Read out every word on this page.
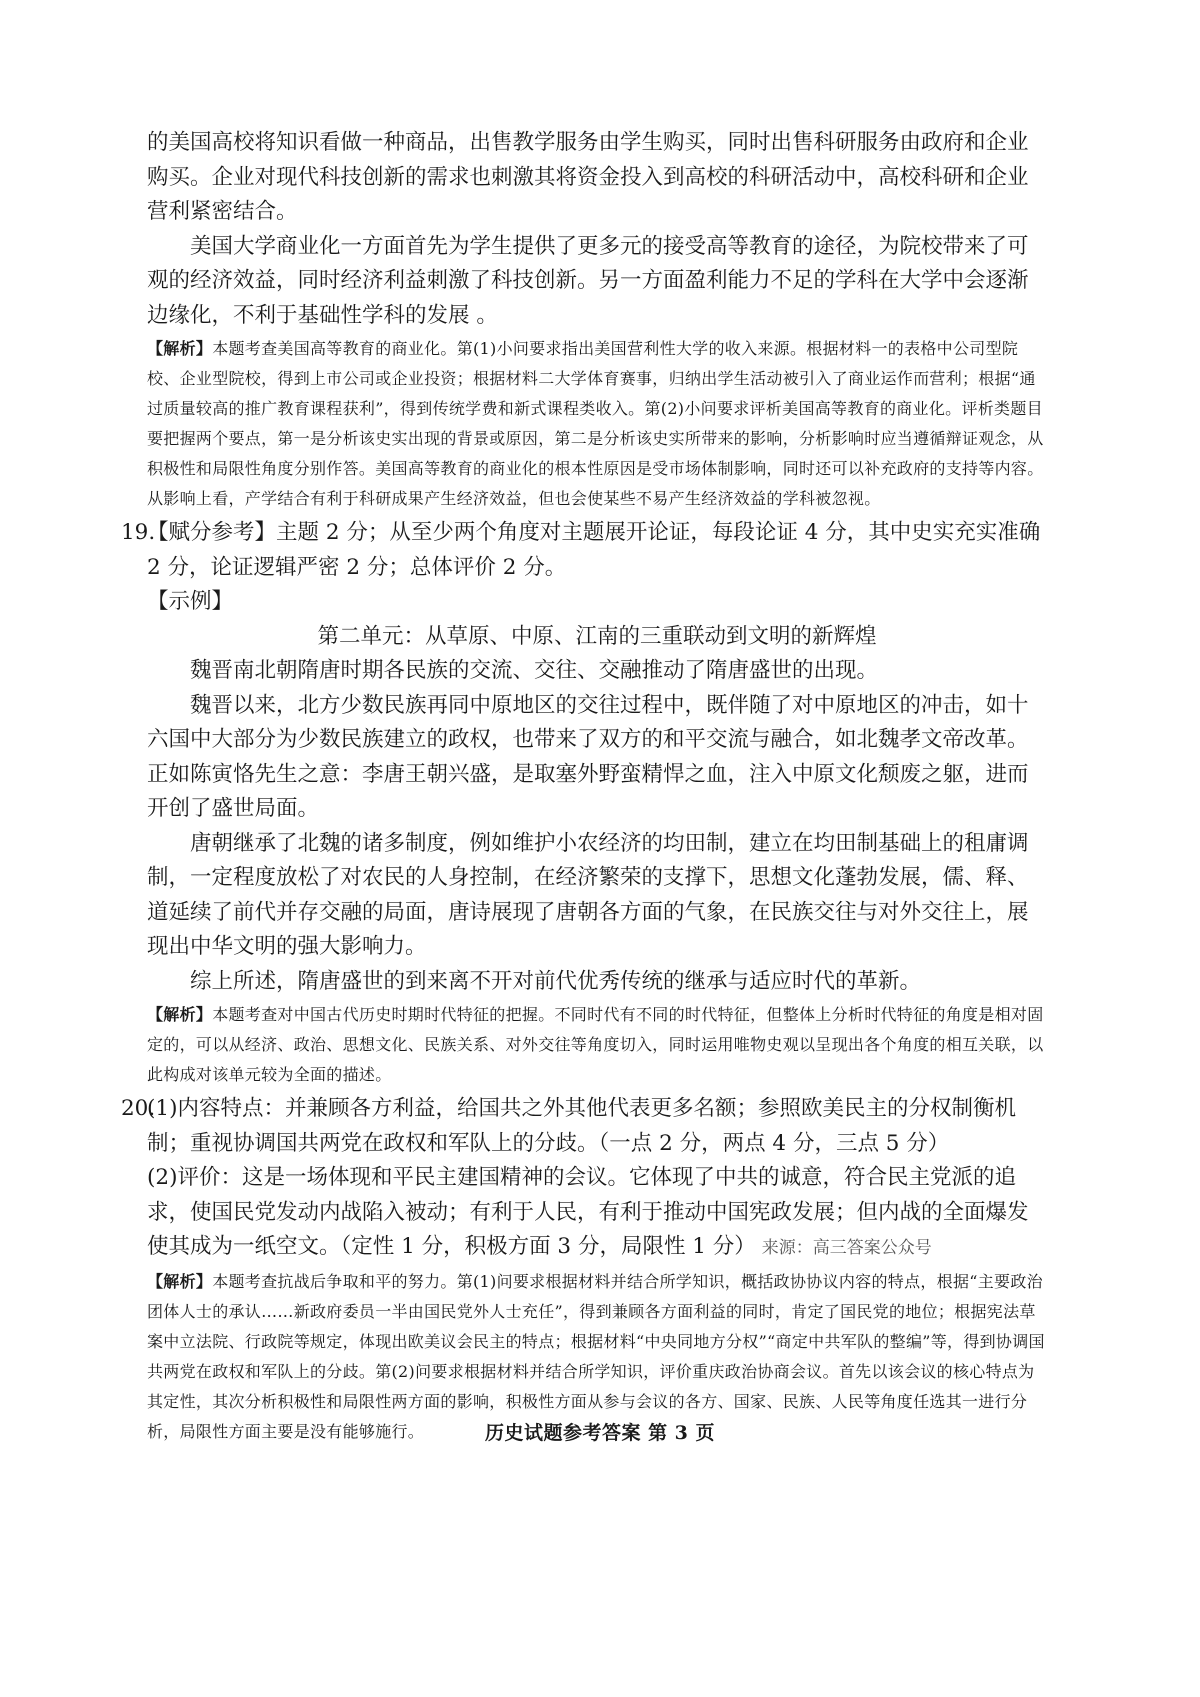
的美国高校将知识看做一种商品，出售教学服务由学生购买，同时出售科研服务由政府和企业购买。企业对现代科技创新的需求也刺激其将资金投入到高校的科研活动中，高校科研和企业营利紧密结合。

美国大学商业化一方面首先为学生提供了更多元的接受高等教育的途径，为院校带来了可观的经济效益，同时经济利益刺激了科技创新。另一方面盈利能力不足的学科在大学中会逐渐边缘化，不利于基础性学科的发展 。

【解析】本题考查美国高等教育的商业化。第(1)小问要求指出美国营利性大学的收入来源。根据材料一的表格中公司型院校、企业型院校，得到上市公司或企业投资；根据材料二大学体育赛事，归纳出学生活动被引入了商业运作而营利；根据“通过质量较高的推广教育课程获利”，得到传统学费和新式课程类收入。第(2)小问要求评析美国高等教育的商业化。评析类题目要把握两个要点，第一是分析该史实出现的背景或原因，第二是分析该史实所带来的影响，分析影响时应当遵循辩证观念，从积极性和局限性角度分别作答。美国高等教育的商业化的根本性原因是受市场体制影响，同时还可以补充政府的支持等内容。从影响上看，产学结合有利于科研成果产生经济效益，但也会使某些不易产生经济效益的学科被忽视。

19.

【赋分参考】主题 2 分；从至少两个角度对主题展开论证，每段论证 4 分，其中史实充实准确 2 分，论证逻辑严密 2 分；总体评价 2 分。

【示例】

第二单元：从草原、中原、江南的三重联动到文明的新辉煌

魏晋南北朝隋唐时期各民族的交流、交往、交融推动了隋唐盛世的出现。

魏晋以来，北方少数民族再同中原地区的交往过程中，既伴随了对中原地区的冲击，如十六国中大部分为少数民族建立的政权，也带来了双方的和平交流与融合，如北魏孝文帝改革。正如陈寅恪先生之意：李唐王朝兴盛，是取塞外野蛮精悍之血，注入中原文化颓废之躯，进而开创了盛世局面。

唐朝继承了北魏的诸多制度，例如维护小农经济的均田制，建立在均田制基础上的租庸调制，一定程度放松了对农民的人身控制，在经济繁荣的支撑下，思想文化蓬勃发展，儒、释、道延续了前代并存交融的局面，唐诗展现了唐朝各方面的气象，在民族交往与对外交往上，展现出中华文明的强大影响力。

综上所述，隋唐盛世的到来离不开对前代优秀传统的继承与适应时代的革新。

【解析】本题考查对中国古代历史时期时代特征的把握。不同时代有不同的时代特征，但整体上分析时代特征的角度是相对固定的，可以从经济、政治、思想文化、民族关系、对外交往等角度切入，同时运用唯物史观以呈现出各个角度的相互关联，以此构成对该单元较为全面的描述。

20.

(1)内容特点：并兼顾各方利益，给国共之外其他代表更多名额；参照欧美民主的分权制衡机制；重视协调国共两党在政权和军队上的分歧。（一点 2 分，两点 4 分，三点 5 分）

(2)评价：这是一场体现和平民主建国精神的会议。它体现了中共的诚意，符合民主党派的追求，使国民党发动内战陷入被动；有利于人民，有利于推动中国宪政发展；但内战的全面爆发使其成为一纸空文。（定性 1 分，积极方面 3 分，局限性 1 分） 来源：高三答案公众号

【解析】本题考查抗战后争取和平的努力。第(1)问要求根据材料并结合所学知识，概括政协协议内容的特点，根据“主要政治团体人士的承认……新政府委员一半由国民党外人士充任”，得到兼顾各方面利益的同时，肯定了国民党的地位；根据宪法草案中立法院、行政院等规定，体现出欧美议会民主的特点；根据材料“中央同地方分权”“商定中共军队的整编”等，得到协调国共两党在政权和军队上的分歧。第(2)问要求根据材料并结合所学知识，评价重庆政治协商会议。首先以该会议的核心特点为其定性，其次分析积极性和局限性两方面的影响，积极性方面从参与会议的各方、国家、民族、人民等角度任选其一进行分析，局限性方面主要是没有能够施行。	历史试题参考答案 第 3 页
